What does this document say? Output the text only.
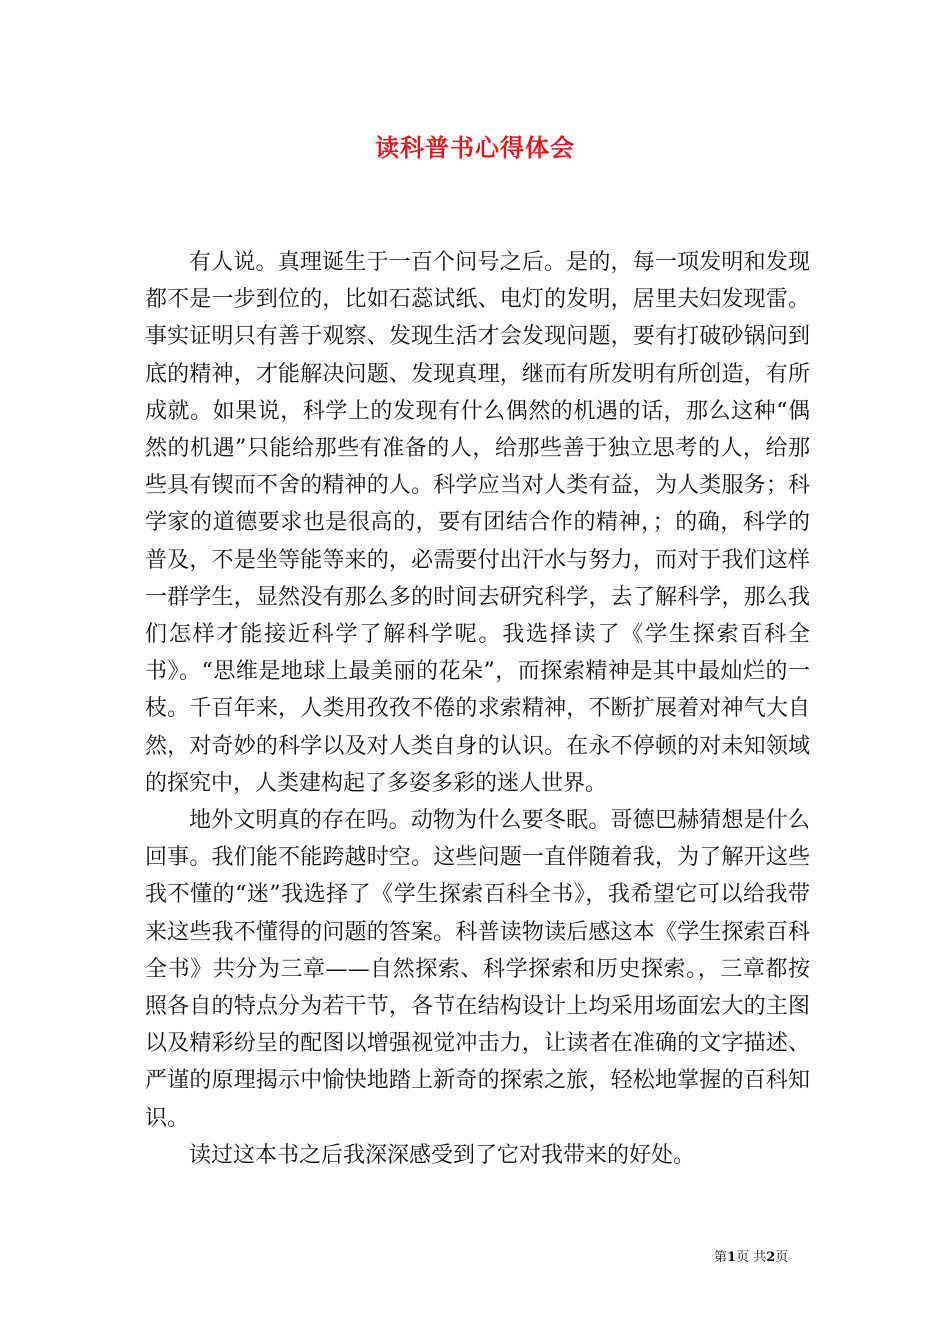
读科普书心得体会

有人说。真理诞生于一百个问号之后。是的，每一项发明和发现都不是一步到位的，比如石蕊试纸、电灯的发明，居里夫妇发现雷。事实证明只有善于观察、发现生活才会发现问题，要有打破砂锅问到底的精神，才能解决问题、发现真理，继而有所发明有所创造，有所成就。如果说，科学上的发现有什么偶然的机遇的话，那么这种“偶然的机遇”只能给那些有准备的人，给那些善于独立思考的人，给那些具有锲而不舍的精神的人。科学应当对人类有益，为人类服务；科学家的道德要求也是很高的，要有团结合作的精神，；的确，科学的普及，不是坐等能等来的，必需要付出汗水与努力，而对于我们这样一群学生，显然没有那么多的时间去研究科学，去了解科学，那么我们怎样才能接近科学了解科学呢。我选择读了《学生探索百科全书》。“思维是地球上最美丽的花朵”，而探索精神是其中最灿烂的一枝。千百年来，人类用孜孜不倦的求索精神，不断扩展着对神气大自然，对奇妙的科学以及对人类自身的认识。在永不停顿的对未知领域的探究中，人类建构起了多姿多彩的迷人世界。

地外文明真的存在吗。动物为什么要冬眠。哥德巴赫猜想是什么回事。我们能不能跨越时空。这些问题一直伴随着我，为了解开这些我不懂的“迷”我选择了《学生探索百科全书》，我希望它可以给我带来这些我不懂得的问题的答案。科普读物读后感这本《学生探索百科全书》共分为三章——自然探索、科学探索和历史探索。，三章都按照各自的特点分为若干节，各节在结构设计上均采用场面宏大的主图以及精彩纷呈的配图以增强视觉冲击力，让读者在准确的文字描述、严谨的原理揭示中愉快地踏上新奇的探索之旅，轻松地掌握的百科知识。

读过这本书之后我深深感受到了它对我带来的好处。

第1页 共2页
